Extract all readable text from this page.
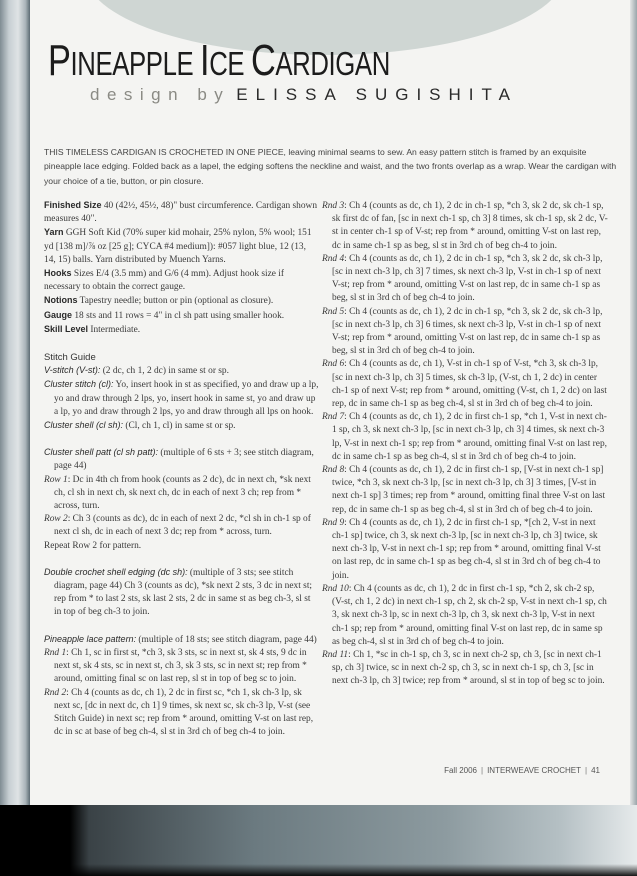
PINEAPPLE ICE CARDIGAN
design by ELISSA SUGISHITA

THIS TIMELESS CARDIGAN IS CROCHETED IN ONE PIECE, leaving minimal seams to sew. An easy pattern stitch is framed by an exquisite pineapple lace edging. Folded back as a lapel, the edging softens the neckline and waist, and the two fronts overlap as a wrap. Wear the cardigan with your choice of a tie, button, or pin closure.

Finished Size 40 (42½, 45½, 48)" bust circumference. Cardigan shown measures 40".

Yarn GGH Soft Kid (70% super kid mohair, 25% nylon, 5% wool; 151 yd [138 m]/⅞ oz [25 g]; CYCA #4 medium]): #057 light blue, 12 (13, 14, 15) balls. Yarn distributed by Muench Yarns.

Hooks Sizes E/4 (3.5 mm) and G/6 (4 mm). Adjust hook size if necessary to obtain the correct gauge.

Notions Tapestry needle; button or pin (optional as closure).

Gauge 18 sts and 11 rows = 4" in cl sh patt using smaller hook.

Skill Level Intermediate.

Stitch Guide

V-stitch (V-st): (2 dc, ch 1, 2 dc) in same st or sp.

Cluster stitch (cl): Yo, insert hook in st as specified, yo and draw up a lp, yo and draw through 2 lps, yo, insert hook in same st, yo and draw up a lp, yo and draw through 2 lps, yo and draw through all lps on hook.

Cluster shell (cl sh): (Cl, ch 1, cl) in same st or sp.

Cluster shell patt (cl sh patt): (multiple of 6 sts + 3; see stitch diagram, page 44)

Row 1: Dc in 4th ch from hook (counts as 2 dc), dc in next ch, *sk next ch, cl sh in next ch, sk next ch, dc in each of next 3 ch; rep from * across, turn.

Row 2: Ch 3 (counts as dc), dc in each of next 2 dc, *cl sh in ch-1 sp of next cl sh, dc in each of next 3 dc; rep from * across, turn.

Repeat Row 2 for pattern.

Double crochet shell edging (dc sh): (multiple of 3 sts; see stitch diagram, page 44) Ch 3 (counts as dc), *sk next 2 sts, 3 dc in next st; rep from * to last 2 sts, sk last 2 sts, 2 dc in same st as beg ch-3, sl st in top of beg ch-3 to join.

Pineapple lace pattern: (multiple of 18 sts; see stitch diagram, page 44)

Rnd 1: Ch 1, sc in first st, *ch 3, sk 3 sts, sc in next st, sk 4 sts, 9 dc in next st, sk 4 sts, sc in next st, ch 3, sk 3 sts, sc in next st; rep from * around, omitting final sc on last rep, sl st in top of beg sc to join.

Rnd 2: Ch 4 (counts as dc, ch 1), 2 dc in first sc, *ch 1, sk ch-3 lp, sk next sc, [dc in next dc, ch 1] 9 times, sk next sc, sk ch-3 lp, V-st (see Stitch Guide) in next sc; rep from * around, omitting V-st on last rep, dc in sc at base of beg ch-4, sl st in 3rd ch of beg ch-4 to join.

Rnd 3: Ch 4 (counts as dc, ch 1), 2 dc in ch-1 sp, *ch 3, sk 2 dc, sk ch-1 sp, sk first dc of fan, [sc in next ch-1 sp, ch 3] 8 times, sk ch-1 sp, sk 2 dc, V-st in center ch-1 sp of V-st; rep from * around, omitting V-st on last rep, dc in same ch-1 sp as beg, sl st in 3rd ch of beg ch-4 to join.

Rnd 4: Ch 4 (counts as dc, ch 1), 2 dc in ch-1 sp, *ch 3, sk 2 dc, sk ch-3 lp, [sc in next ch-3 lp, ch 3] 7 times, sk next ch-3 lp, V-st in ch-1 sp of next V-st; rep from * around, omitting V-st on last rep, dc in same ch-1 sp as beg, sl st in 3rd ch of beg ch-4 to join.

Rnd 5: Ch 4 (counts as dc, ch 1), 2 dc in ch-1 sp, *ch 3, sk 2 dc, sk ch-3 lp, [sc in next ch-3 lp, ch 3] 6 times, sk next ch-3 lp, V-st in ch-1 sp of next V-st; rep from * around, omitting V-st on last rep, dc in same ch-1 sp as beg, sl st in 3rd ch of beg ch-4 to join.

Rnd 6: Ch 4 (counts as dc, ch 1), V-st in ch-1 sp of V-st, *ch 3, sk ch-3 lp, [sc in next ch-3 lp, ch 3] 5 times, sk ch-3 lp, (V-st, ch 1, 2 dc) in center ch-1 sp of next V-st; rep from * around, omitting (V-st, ch 1, 2 dc) on last rep, dc in same ch-1 sp as beg ch-4, sl st in 3rd ch of beg ch-4 to join.

Rnd 7: Ch 4 (counts as dc, ch 1), 2 dc in first ch-1 sp, *ch 1, V-st in next ch-1 sp, ch 3, sk next ch-3 lp, [sc in next ch-3 lp, ch 3] 4 times, sk next ch-3 lp, V-st in next ch-1 sp; rep from * around, omitting final V-st on last rep, dc in same ch-1 sp as beg ch-4, sl st in 3rd ch of beg ch-4 to join.

Rnd 8: Ch 4 (counts as dc, ch 1), 2 dc in first ch-1 sp, [V-st in next ch-1 sp] twice, *ch 3, sk next ch-3 lp, [sc in next ch-3 lp, ch 3] 3 times, [V-st in next ch-1 sp] 3 times; rep from * around, omitting final three V-st on last rep, dc in same ch-1 sp as beg ch-4, sl st in 3rd ch of beg ch-4 to join.

Rnd 9: Ch 4 (counts as dc, ch 1), 2 dc in first ch-1 sp, *[ch 2, V-st in next ch-1 sp] twice, ch 3, sk next ch-3 lp, [sc in next ch-3 lp, ch 3] twice, sk next ch-3 lp, V-st in next ch-1 sp; rep from * around, omitting final V-st on last rep, dc in same ch-1 sp as beg ch-4, sl st in 3rd ch of beg ch-4 to join.

Rnd 10: Ch 4 (counts as dc, ch 1), 2 dc in first ch-1 sp, *ch 2, sk ch-2 sp, (V-st, ch 1, 2 dc) in next ch-1 sp, ch 2, sk ch-2 sp, V-st in next ch-1 sp, ch 3, sk next ch-3 lp, sc in next ch-3 lp, ch 3, sk next ch-3 lp, V-st in next ch-1 sp; rep from * around, omitting final V-st on last rep, dc in same sp as beg ch-4, sl st in 3rd ch of beg ch-4 to join.

Rnd 11: Ch 1, *sc in ch-1 sp, ch 3, sc in next ch-2 sp, ch 3, [sc in next ch-1 sp, ch 3] twice, sc in next ch-2 sp, ch 3, sc in next ch-1 sp, ch 3, [sc in next ch-3 lp, ch 3] twice; rep from * around, sl st in top of beg sc to join.

Fall 2006 | INTERWEAVE CROCHET | 41
